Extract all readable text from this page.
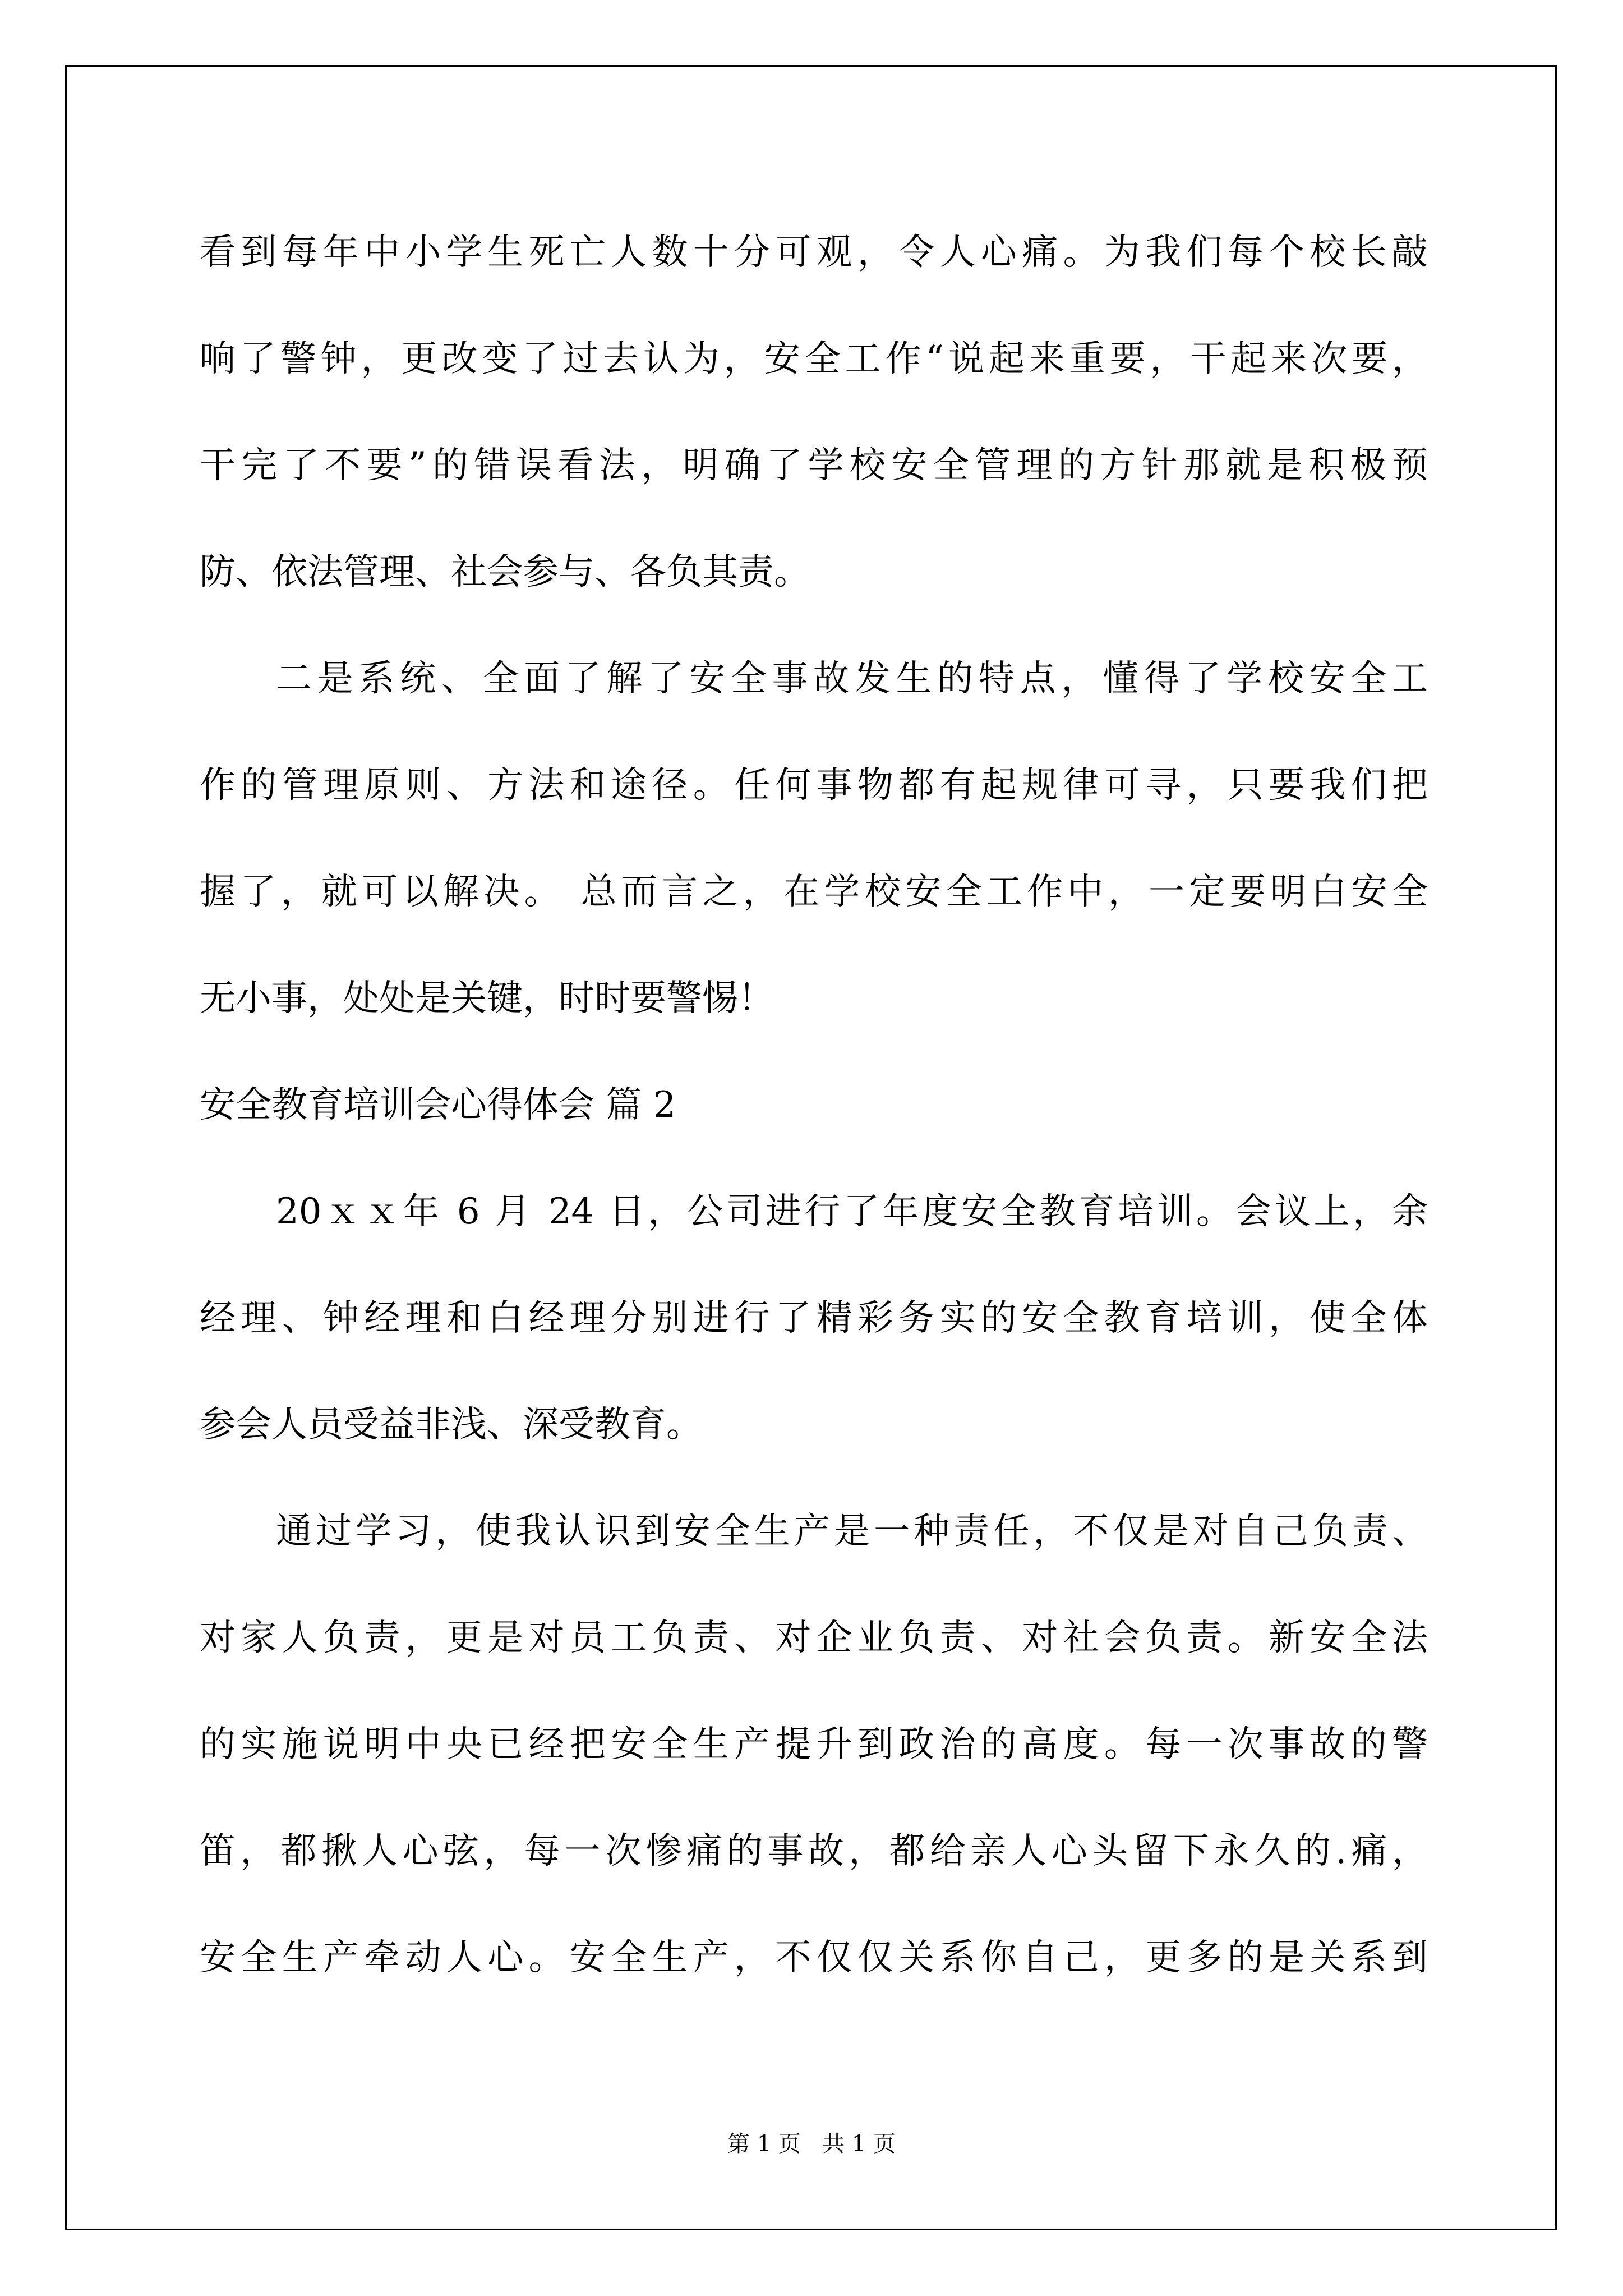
看到每年中小学生死亡人数十分可观，令人心痛。为我们每个校长敲
响了警钟，更改变了过去认为，安全工作“说起来重要，干起来次要，
干完了不要”的错误看法，明确了学校安全管理的方针那就是积极预
防、依法管理、社会参与、各负其责。
二是系统、全面了解了安全事故发生的特点，懂得了学校安全工
作的管理原则、方法和途径。任何事物都有起规律可寻，只要我们把
握了，就可以解决。 总而言之，在学校安全工作中，一定要明白安全
无小事，处处是关键，时时要警惕！
安全教育培训会心得体会 篇 2
20ｘｘ年 6 月 24 日，公司进行了年度安全教育培训。会议上，余
经理、钟经理和白经理分别进行了精彩务实的安全教育培训，使全体
参会人员受益非浅、深受教育。
通过学习，使我认识到安全生产是一种责任，不仅是对自己负责、
对家人负责，更是对员工负责、对企业负责、对社会负责。新安全法
的实施说明中央已经把安全生产提升到政治的高度。每一次事故的警
笛，都揪人心弦，每一次惨痛的事故，都给亲人心头留下永久的.痛，
安全生产牵动人心。安全生产，不仅仅关系你自己，更多的是关系到
第 1 页   共 1 页
